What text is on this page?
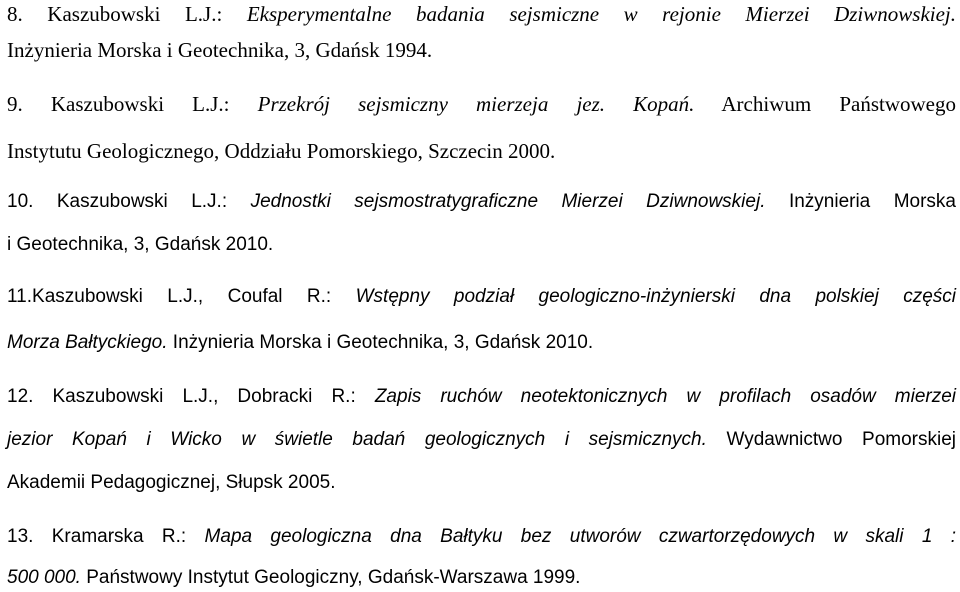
8. Kaszubowski L.J.: Eksperymentalne badania sejsmiczne w rejonie Mierzei Dziwnowskiej.
Inżynieria Morska i Geotechnika, 3, Gdańsk 1994.
9. Kaszubowski L.J.: Przekrój sejsmiczny mierzeja jez. Kopań. Archiwum Państwowego
Instytutu Geologicznego, Oddziału Pomorskiego, Szczecin 2000.
10. Kaszubowski L.J.: Jednostki sejsmostratygraficzne Mierzei Dziwnowskiej. Inżynieria Morska
i Geotechnika, 3, Gdańsk 2010.
11.Kaszubowski L.J., Coufal R.: Wstępny podział geologiczno-inżynierski dna polskiej części
Morza Bałtyckiego. Inżynieria Morska i Geotechnika, 3, Gdańsk 2010.
12. Kaszubowski L.J., Dobracki R.: Zapis ruchów neotektonicznych w profilach osadów mierzei
jezior Kopań i Wicko w świetle badań geologicznych i sejsmicznych. Wydawnictwo Pomorskiej
Akademii Pedagogicznej, Słupsk 2005.
13. Kramarska R.: Mapa geologiczna dna Bałtyku bez utworów czwartorzędowych w skali 1 :
500 000. Państwowy Instytut Geologiczny, Gdańsk-Warszawa 1999.
